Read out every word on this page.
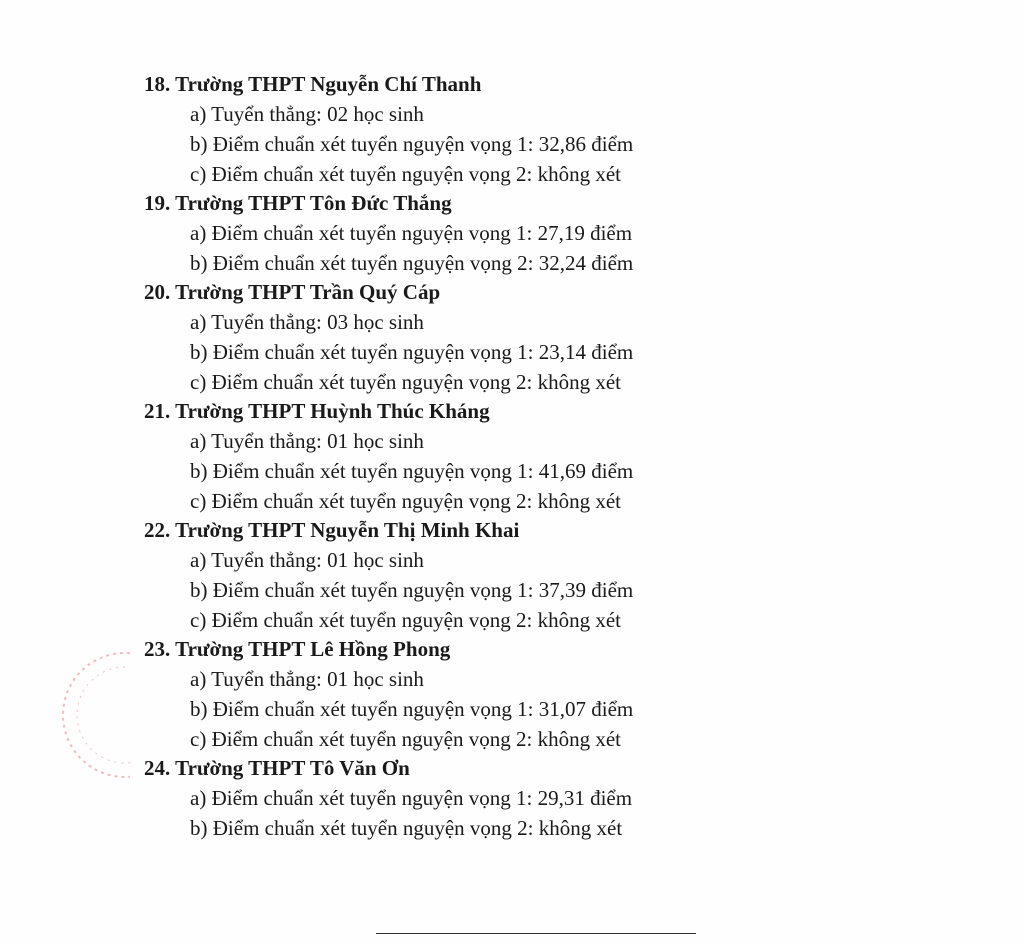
18. Trường THPT Nguyễn Chí Thanh
a) Tuyển thẳng: 02 học sinh
b) Điểm chuẩn xét tuyển nguyện vọng 1: 32,86 điểm
c) Điểm chuẩn xét tuyển nguyện vọng 2: không xét
19. Trường THPT Tôn Đức Thắng
a) Điểm chuẩn xét tuyển nguyện vọng 1: 27,19 điểm
b) Điểm chuẩn xét tuyển nguyện vọng 2: 32,24 điểm
20. Trường THPT Trần Quý Cáp
a) Tuyển thẳng: 03 học sinh
b) Điểm chuẩn xét tuyển nguyện vọng 1: 23,14 điểm
c) Điểm chuẩn xét tuyển nguyện vọng 2: không xét
21. Trường THPT Huỳnh Thúc Kháng
a) Tuyển thẳng: 01 học sinh
b) Điểm chuẩn xét tuyển nguyện vọng 1: 41,69 điểm
c) Điểm chuẩn xét tuyển nguyện vọng 2: không xét
22. Trường THPT Nguyễn Thị Minh Khai
a) Tuyển thẳng: 01 học sinh
b) Điểm chuẩn xét tuyển nguyện vọng 1: 37,39 điểm
c) Điểm chuẩn xét tuyển nguyện vọng 2: không xét
23. Trường THPT Lê Hồng Phong
a) Tuyển thẳng: 01 học sinh
b) Điểm chuẩn xét tuyển nguyện vọng 1: 31,07 điểm
c) Điểm chuẩn xét tuyển nguyện vọng 2: không xét
24. Trường THPT Tô Văn Ơn
a) Điểm chuẩn xét tuyển nguyện vọng 1: 29,31 điểm
b) Điểm chuẩn xét tuyển nguyện vọng 2: không xét
